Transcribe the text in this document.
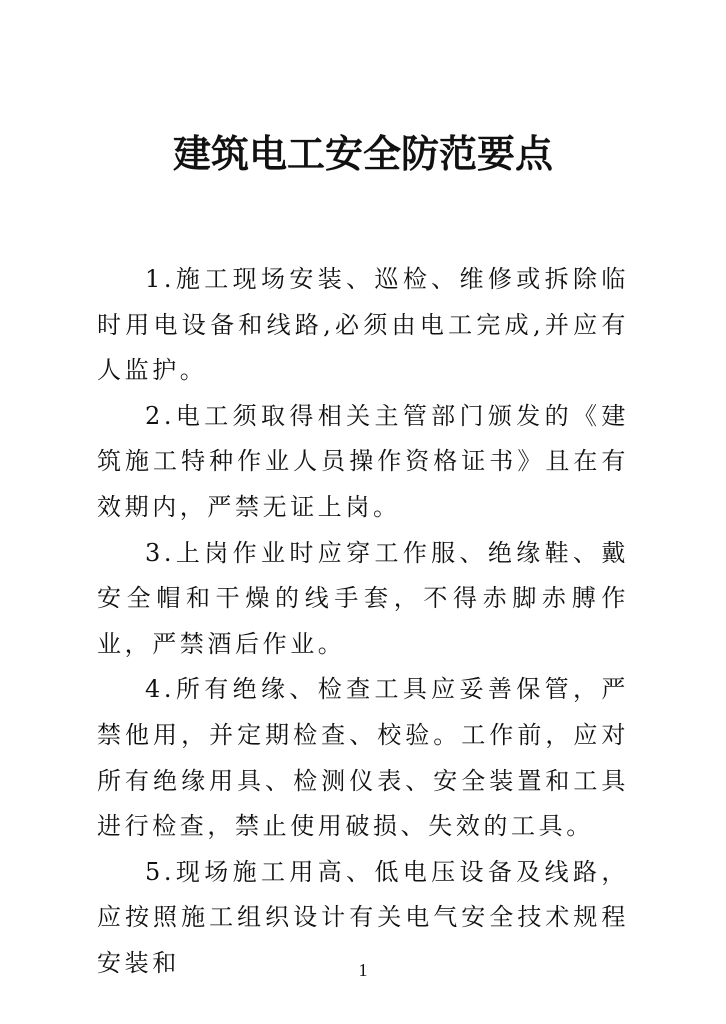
建筑电工安全防范要点

1.施工现场安装、巡检、维修或拆除临时用电设备和线路,必须由电工完成,并应有人监护。

2.电工须取得相关主管部门颁发的《建筑施工特种作业人员操作资格证书》且在有效期内，严禁无证上岗。

3.上岗作业时应穿工作服、绝缘鞋、戴安全帽和干燥的线手套，不得赤脚赤膊作业，严禁酒后作业。

4.所有绝缘、检查工具应妥善保管，严禁他用，并定期检查、校验。工作前，应对所有绝缘用具、检测仪表、安全装置和工具进行检查，禁止使用破损、失效的工具。

5.现场施工用高、低电压设备及线路，应按照施工组织设计有关电气安全技术规程安装和	1
